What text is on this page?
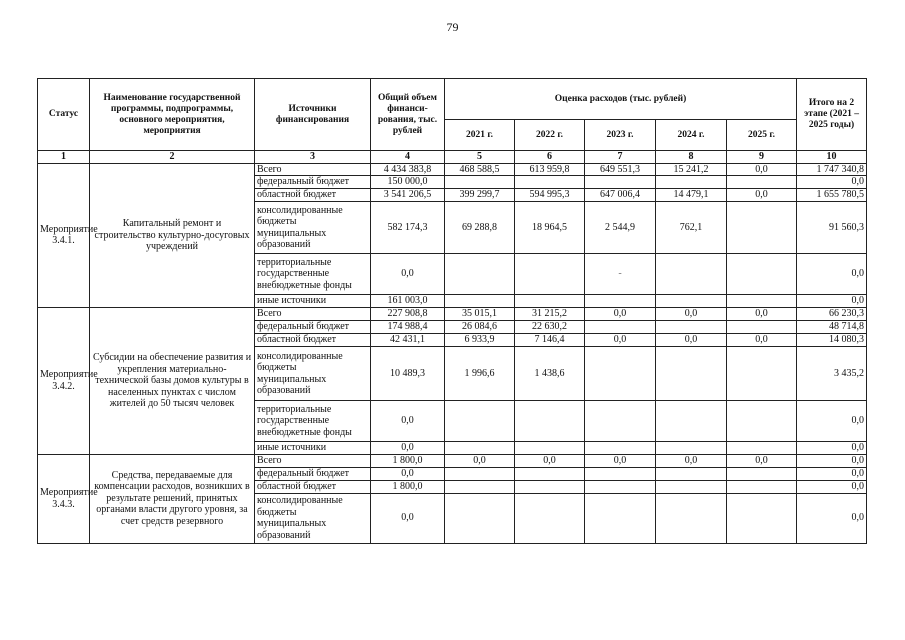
79
Статус	Наименование государственной программы, подпрограммы, основного мероприятия, мероприятия	Источники финансирования	Общий объем финанси-рования, тыс. рублей	Оценка расходов (тыс. рублей)					Итого на 2 этапе (2021 – 2025 годы)
				2021 г.	2022 г.	2023 г.	2024 г.	2025 г.	
1	2	3	4	5	6	7	8	9	10
Мероприятие 3.4.1.	Капитальный ремонт и строительство культурно-досуговых учреждений	Всего	4 434 383,8	468 588,5	613 959,8	649 551,3	15 241,2	0,0	1 747 340,8
		федеральный бюджет	150 000,0						0,0
		областной бюджет	3 541 206,5	399 299,7	594 995,3	647 006,4	14 479,1	0,0	1 655 780,5
		консолидированные бюджеты муниципальных образований	582 174,3	69 288,8	18 964,5	2 544,9	762,1		91 560,3
		территориальные государственные внебюджетные фонды	0,0			-			0,0
		иные источники	161 003,0						0,0
Мероприятие 3.4.2.	Субсидии на обеспечение развития и укрепления материально-технической базы домов культуры в населенных пунктах с числом жителей до 50 тысяч человек	Всего	227 908,8	35 015,1	31 215,2	0,0	0,0	0,0	66 230,3
		федеральный бюджет	174 988,4	26 084,6	22 630,2				48 714,8
		областной бюджет	42 431,1	6 933,9	7 146,4	0,0	0,0	0,0	14 080,3
		консолидированные бюджеты муниципальных образований	10 489,3	1 996,6	1 438,6				3 435,2
		территориальные государственные внебюджетные фонды	0,0						0,0
		иные источники	0,0						0,0
Мероприятие 3.4.3.	Средства, передаваемые для компенсации расходов, возникших в результате решений, принятых органами власти другого уровня, за счет средств резервного	Всего	1 800,0	0,0	0,0	0,0	0,0	0,0	0,0
		федеральный бюджет	0,0						0,0
		областной бюджет	1 800,0						0,0
		консолидированные бюджеты муниципальных образований	0,0						0,0
